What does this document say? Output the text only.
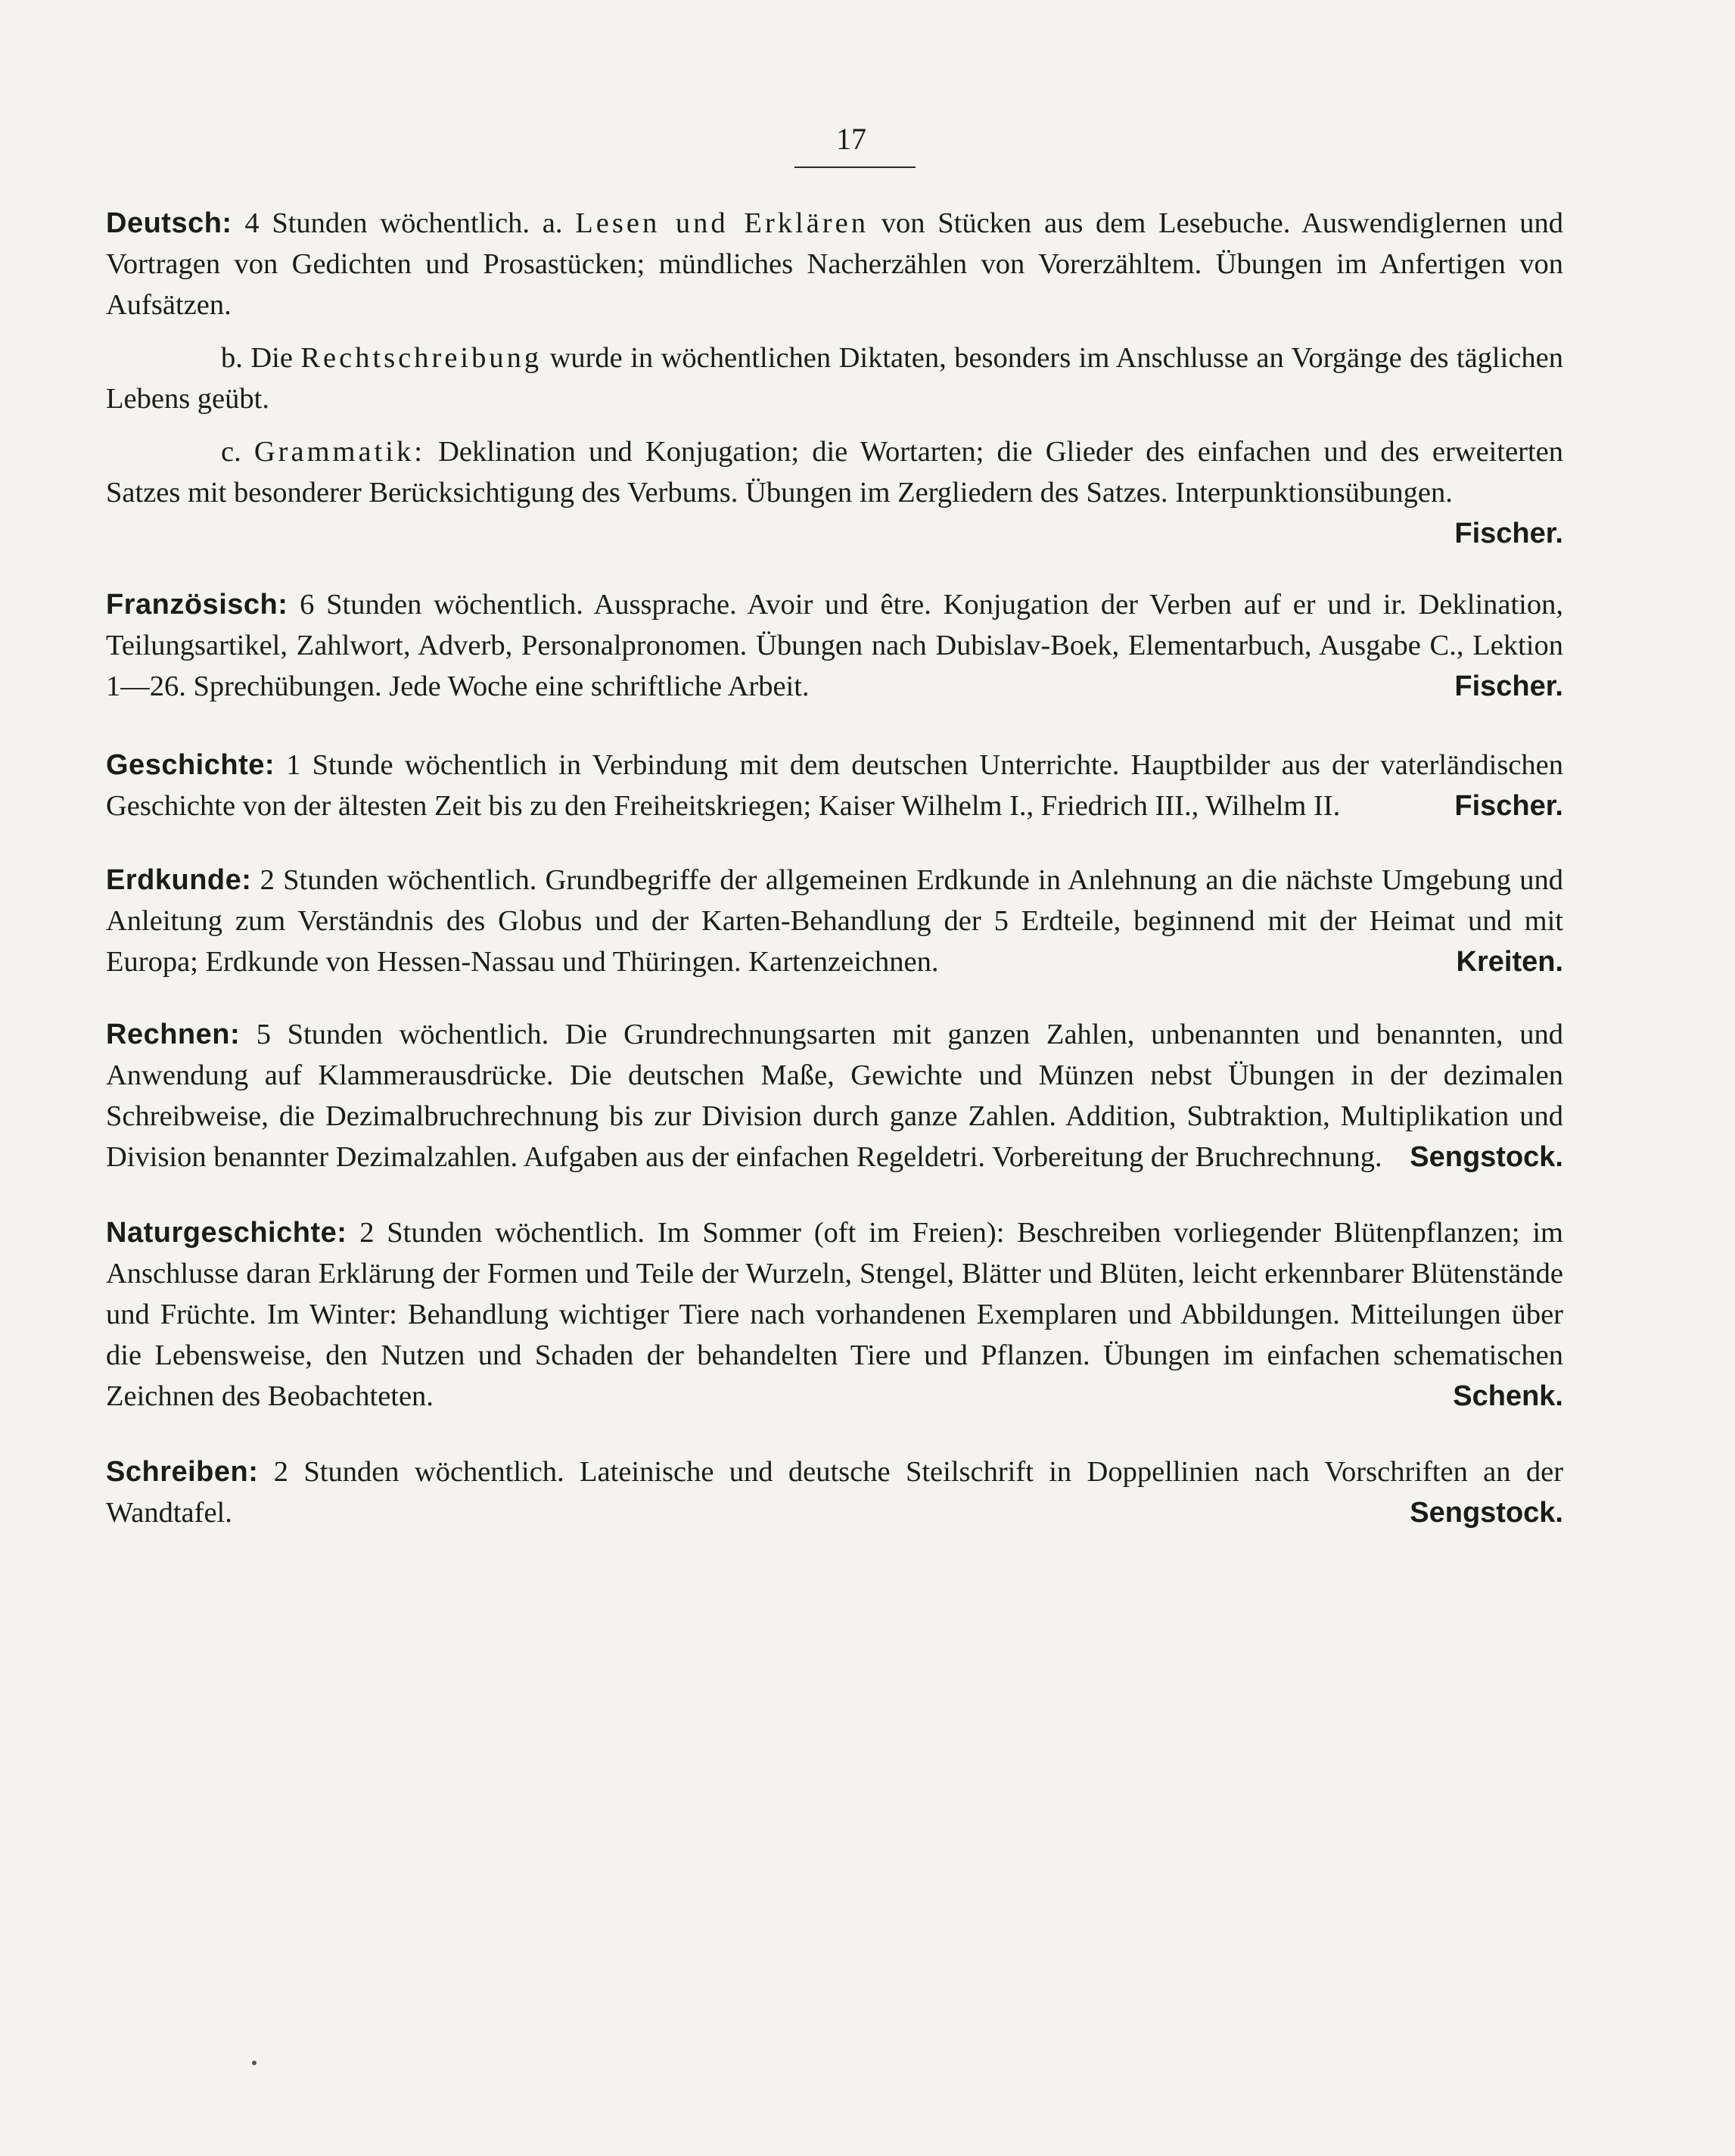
17

Deutsch: 4 Stunden wöchentlich. a. Lesen und Erklären von Stücken aus dem Lesebuche. Auswendiglernen und Vortragen von Gedichten und Prosastücken; mündliches Nacherzählen von Vorerzähltem. Übungen im Anfertigen von Aufsätzen.

b. Die Rechtschreibung wurde in wöchentlichen Diktaten, besonders im Anschlusse an Vorgänge des täglichen Lebens geübt.

c. Grammatik: Deklination und Konjugation; die Wortarten; die Glieder des einfachen und des erweiterten Satzes mit besonderer Berücksichtigung des Verbums. Übungen im Zergliedern des Satzes. Interpunktionsübungen.
Fischer.

Französisch: 6 Stunden wöchentlich. Aussprache. Avoir und être. Konjugation der Verben auf er und ir. Deklination, Teilungsartikel, Zahlwort, Adverb, Personalpronomen. Übungen nach Dubislav-Boek, Elementarbuch, Ausgabe C., Lektion 1—26. Sprechübungen. Jede Woche eine schriftliche Arbeit.	Fischer.

Geschichte: 1 Stunde wöchentlich in Verbindung mit dem deutschen Unterrichte. Hauptbilder aus der vaterländischen Geschichte von der ältesten Zeit bis zu den Freiheitskriegen; Kaiser Wilhelm I., Friedrich III., Wilhelm II.	Fischer.

Erdkunde: 2 Stunden wöchentlich. Grundbegriffe der allgemeinen Erdkunde in Anlehnung an die nächste Umgebung und Anleitung zum Verständnis des Globus und der Karten-Behandlung der 5 Erdteile, beginnend mit der Heimat und mit Europa; Erdkunde von Hessen-Nassau und Thüringen. Kartenzeichnen.	Kreiten.

Rechnen: 5 Stunden wöchentlich. Die Grundrechnungsarten mit ganzen Zahlen, unbenannten und benannten, und Anwendung auf Klammerausdrücke. Die deutschen Maße, Gewichte und Münzen nebst Übungen in der dezimalen Schreibweise, die Dezimalbruchrechnung bis zur Division durch ganze Zahlen. Addition, Subtraktion, Multiplikation und Division benannter Dezimalzahlen. Aufgaben aus der einfachen Regeldetri. Vorbereitung der Bruchrechnung. Sengstock.

Naturgeschichte: 2 Stunden wöchentlich. Im Sommer (oft im Freien): Beschreiben vorliegender Blütenpflanzen; im Anschlusse daran Erklärung der Formen und Teile der Wurzeln, Stengel, Blätter und Blüten, leicht erkennbarer Blütenstände und Früchte. Im Winter: Behandlung wichtiger Tiere nach vorhandenen Exemplaren und Abbildungen. Mitteilungen über die Lebensweise, den Nutzen und Schaden der behandelten Tiere und Pflanzen. Übungen im einfachen schematischen Zeichnen des Beobachteten.	Schenk.

Schreiben: 2 Stunden wöchentlich. Lateinische und deutsche Steilschrift in Doppellinien nach Vorschriften an der Wandtafel.	Sengstock.
